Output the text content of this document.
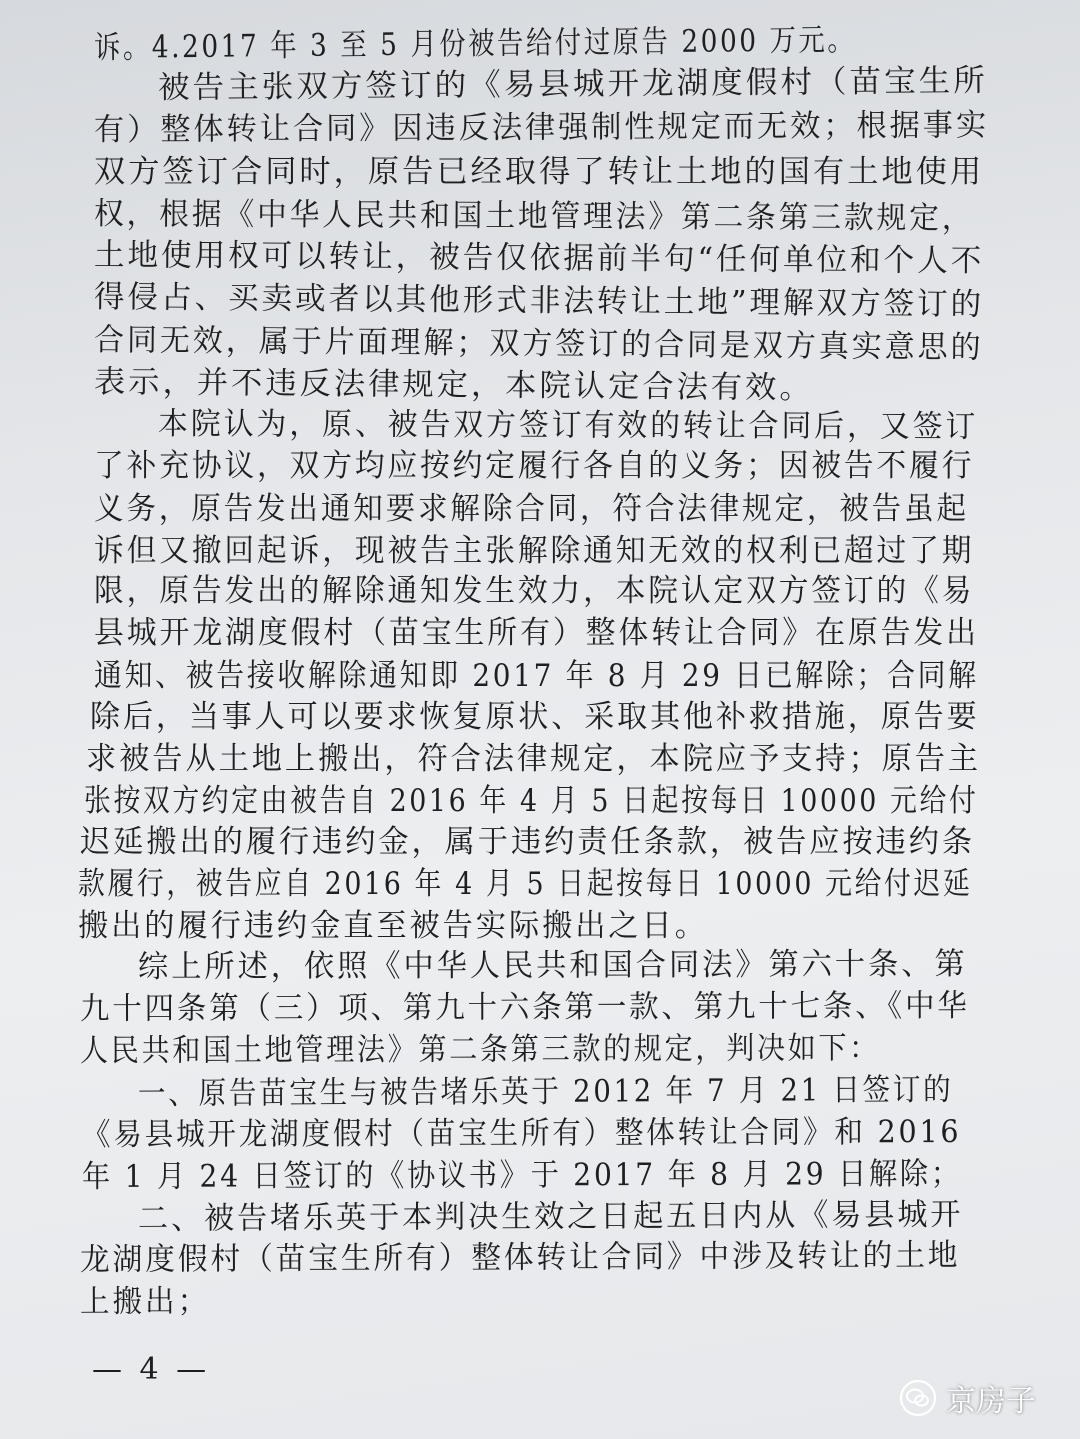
诉。4.2017 年 3 至 5 月份被告给付过原告 2000 万元。
被告主张双方签订的《易县城开龙湖度假村（苗宝生所
有）整体转让合同》因违反法律强制性规定而无效；根据事实
双方签订合同时，原告已经取得了转让土地的国有土地使用
权，根据《中华人民共和国土地管理法》第二条第三款规定，
土地使用权可以转让，被告仅依据前半句“任何单位和个人不
得侵占、买卖或者以其他形式非法转让土地”理解双方签订的
合同无效，属于片面理解；双方签订的合同是双方真实意思的
表示，并不违反法律规定，本院认定合法有效。
本院认为，原、被告双方签订有效的转让合同后，又签订
了补充协议，双方均应按约定履行各自的义务；因被告不履行
义务，原告发出通知要求解除合同，符合法律规定，被告虽起
诉但又撤回起诉，现被告主张解除通知无效的权利已超过了期
限，原告发出的解除通知发生效力，本院认定双方签订的《易
县城开龙湖度假村（苗宝生所有）整体转让合同》在原告发出
通知、被告接收解除通知即 2017 年 8 月 29 日已解除；合同解
除后，当事人可以要求恢复原状、采取其他补救措施，原告要
求被告从土地上搬出，符合法律规定，本院应予支持；原告主
张按双方约定由被告自 2016 年 4 月 5 日起按每日 10000 元给付
迟延搬出的履行违约金，属于违约责任条款，被告应按违约条
款履行，被告应自 2016 年 4 月 5 日起按每日 10000 元给付迟延
搬出的履行违约金直至被告实际搬出之日。
综上所述，依照《中华人民共和国合同法》第六十条、第
九十四条第（三）项、第九十六条第一款、第九十七条、《中华
人民共和国土地管理法》第二条第三款的规定，判决如下：
一、原告苗宝生与被告堵乐英于 2012 年 7 月 21 日签订的
《易县城开龙湖度假村（苗宝生所有）整体转让合同》和 2016
年 1 月 24 日签订的《协议书》于 2017 年 8 月 29 日解除；
二、被告堵乐英于本判决生效之日起五日内从《易县城开
龙湖度假村（苗宝生所有）整体转让合同》中涉及转让的土地
上搬出；
— 4 —
京房子
